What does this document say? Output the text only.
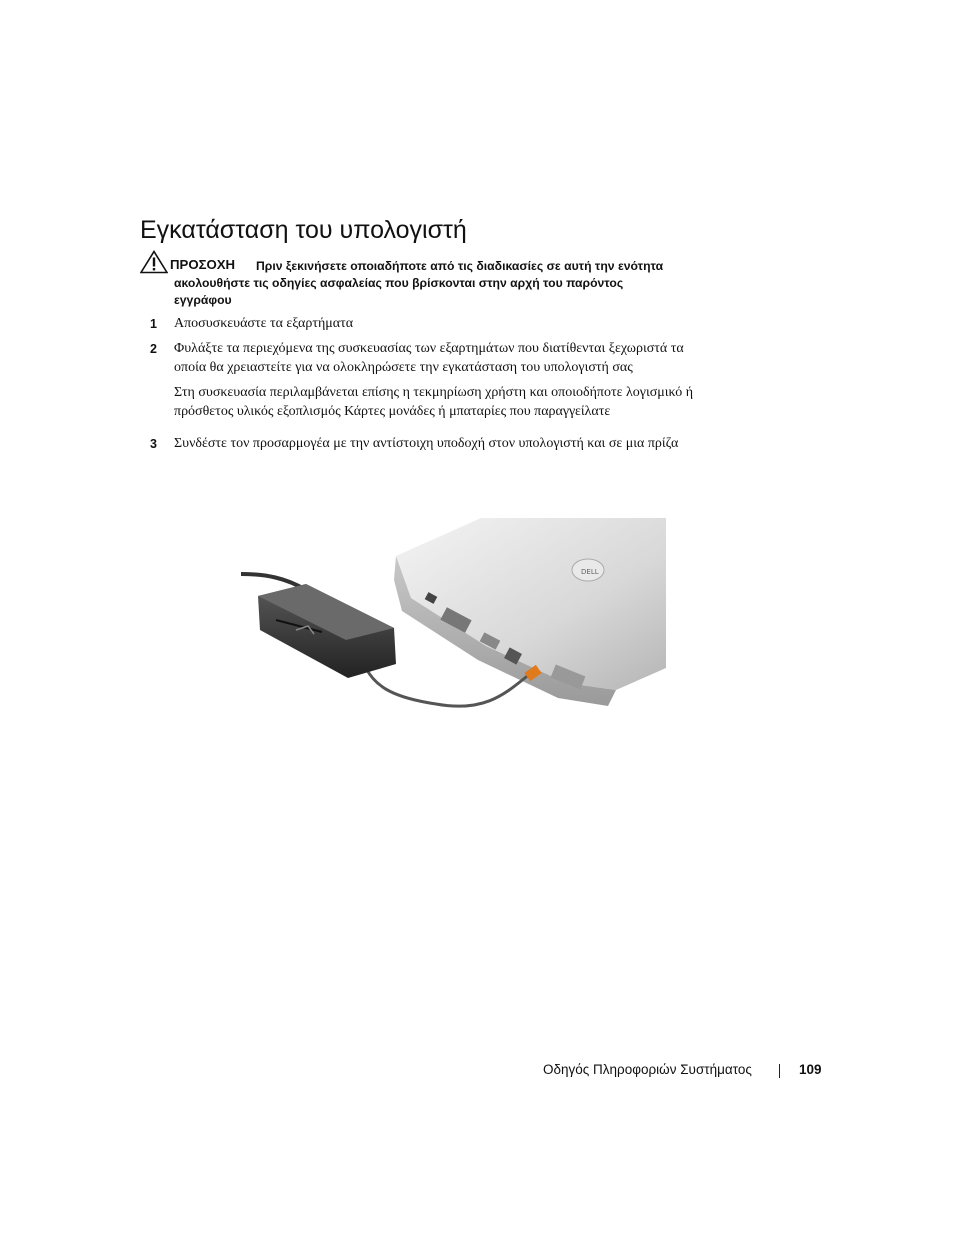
Εγκατάσταση του υπολογιστή
ΠΡΟΣΟΧΗ Πριν ξεκινήσετε οποιαδήποτε από τις διαδικασίες σε αυτή την ενότητα
ακολουθήστε τις οδηγίες ασφαλείας που βρίσκονται στην αρχή του παρόντος
εγγράφου
1 Αποσυσκευάστε τα εξαρτήματα
2 Φυλάξτε τα περιεχόμενα της συσκευασίας των εξαρτημάτων που διατίθενται ξεχωριστά τα
οποία θα χρειαστείτε για να ολοκληρώσετε την εγκατάσταση του υπολογιστή σας
Στη συσκευασία περιλαμβάνεται επίσης η τεκμηρίωση χρήστη και οποιοδήποτε λογισμικό ή
πρόσθετος υλικός εξοπλισμός Κάρτες μονάδες ή μπαταρίες που παραγγείλατε
3 Συνδέστε τον προσαρμογέα με την αντίστοιχη υποδοχή στον υπολογιστή και σε μια πρίζα
DELL
Οδηγός Πληροφοριών Συστήματος	109
